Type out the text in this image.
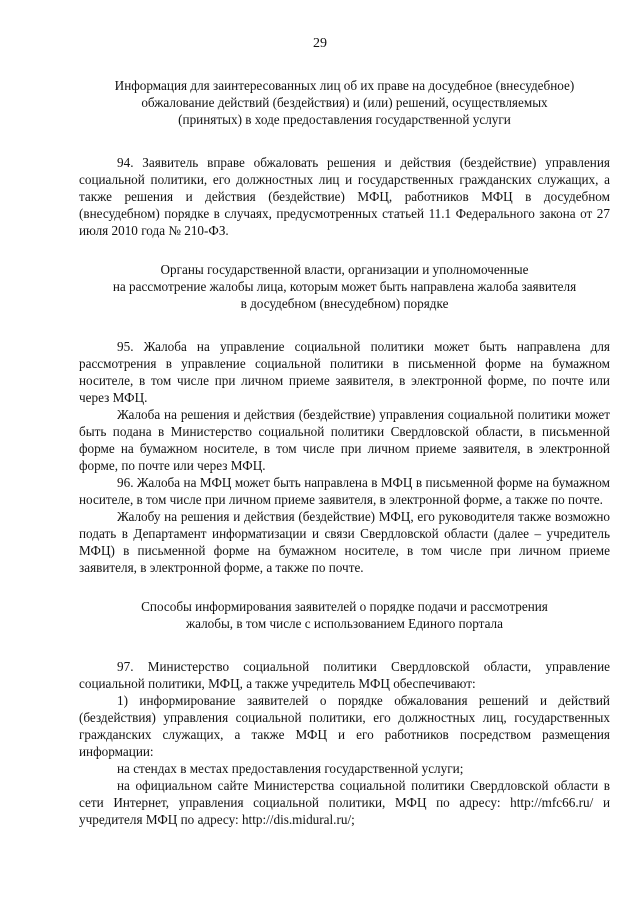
29
Информация для заинтересованных лиц об их праве на досудебное (внесудебное)
обжалование действий (бездействия) и (или) решений, осуществляемых
(принятых) в ходе предоставления государственной услуги

94. Заявитель вправе обжаловать решения и действия (бездействие) управления социальной политики, его должностных лиц и государственных гражданских служащих, а также решения и действия (бездействие) МФЦ, работников МФЦ в досудебном (внесудебном) порядке в случаях, предусмотренных статьей 11.1 Федерального закона от 27 июля 2010 года № 210-ФЗ.

Органы государственной власти, организации и уполномоченные
на рассмотрение жалобы лица, которым может быть направлена жалоба заявителя
в досудебном (внесудебном) порядке

95. Жалоба на управление социальной политики может быть направлена для рассмотрения в управление социальной политики в письменной форме на бумажном носителе, в том числе при личном приеме заявителя, в электронной форме, по почте или через МФЦ.

Жалоба на решения и действия (бездействие) управления социальной политики может быть подана в Министерство социальной политики Свердловской области, в письменной форме на бумажном носителе, в том числе при личном приеме заявителя, в электронной форме, по почте или через МФЦ.

96. Жалоба на МФЦ может быть направлена в МФЦ в письменной форме на бумажном носителе, в том числе при личном приеме заявителя, в электронной форме, а также по почте.

Жалобу на решения и действия (бездействие) МФЦ, его руководителя также возможно подать в Департамент информатизации и связи Свердловской области (далее – учредитель МФЦ) в письменной форме на бумажном носителе, в том числе при личном приеме заявителя, в электронной форме, а также по почте.

Способы информирования заявителей о порядке подачи и рассмотрения
жалобы, в том числе с использованием Единого портала

97. Министерство социальной политики Свердловской области, управление социальной политики, МФЦ, а также учредитель МФЦ обеспечивают:

1) информирование заявителей о порядке обжалования решений и действий (бездействия) управления социальной политики, его должностных лиц, государственных гражданских служащих, а также МФЦ и его работников посредством размещения информации:

на стендах в местах предоставления государственной услуги;

на официальном сайте Министерства социальной политики Свердловской области в сети Интернет, управления социальной политики, МФЦ по адресу: http://mfc66.ru/ и учредителя МФЦ по адресу: http://dis.midural.ru/;
